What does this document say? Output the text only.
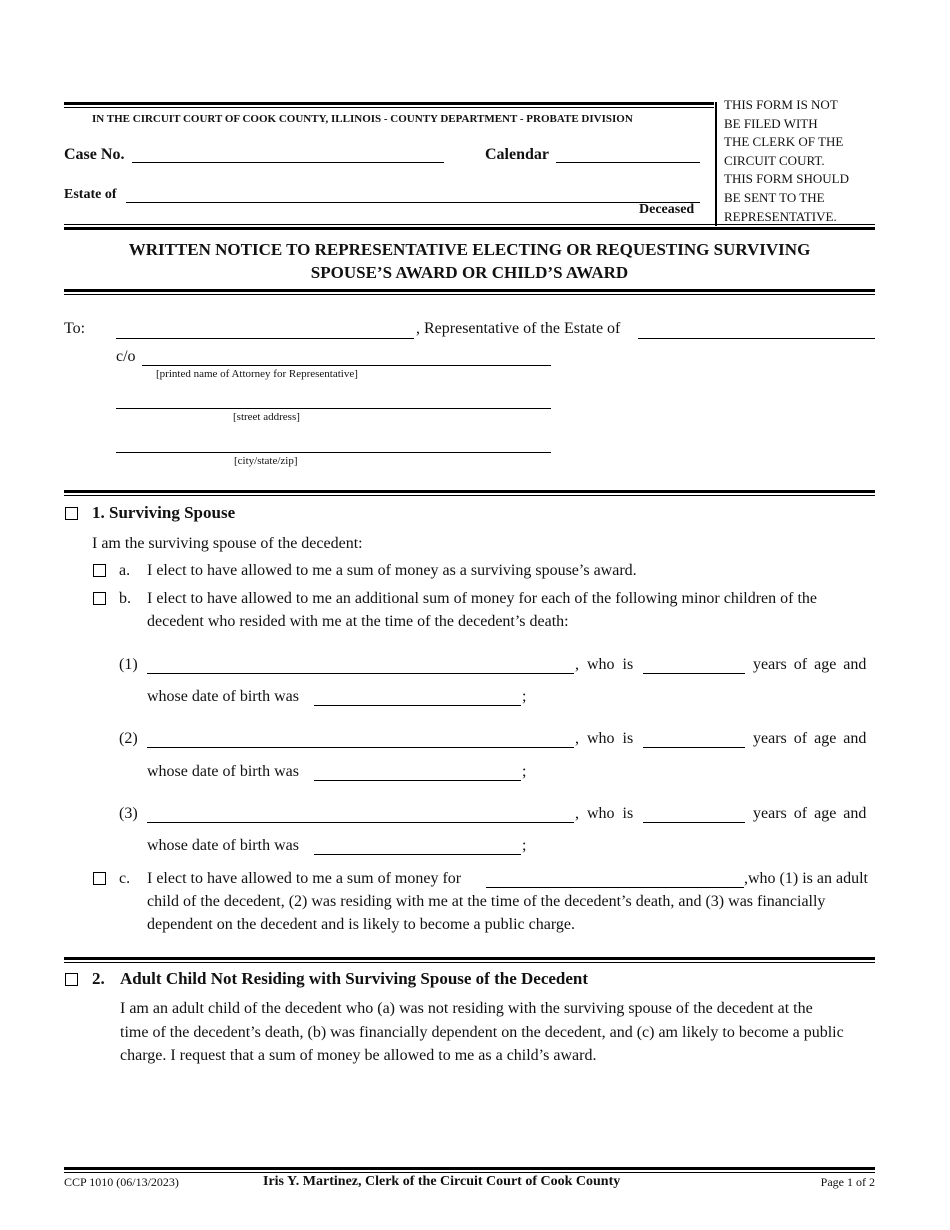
IN THE CIRCUIT COURT OF COOK COUNTY, ILLINOIS - COUNTY DEPARTMENT - PROBATE DIVISION
Case No.	Calendar
Estate of
Deceased
THIS FORM IS NOT
BE FILED WITH
THE CLERK OF THE
CIRCUIT COURT.
THIS FORM SHOULD
BE SENT TO THE
REPRESENTATIVE.
WRITTEN NOTICE TO REPRESENTATIVE ELECTING OR REQUESTING SURVIVING
SPOUSE’S AWARD OR CHILD’S AWARD
To:	, Representative of the Estate of
c/o
[printed name of Attorney for Representative]
[street address]
[city/state/zip]
1. Surviving Spouse
I am the surviving spouse of the decedent:
a. I elect to have allowed to me a sum of money as a surviving spouse’s award.
b. I elect to have allowed to me an additional sum of money for each of the following minor children of the
decedent who resided with me at the time of the decedent’s death:
(1)	, who is	years of age and
whose date of birth was	;
(2)	, who is	years of age and
whose date of birth was	;
(3)	, who is	years of age and
whose date of birth was	;
c. I elect to have allowed to me a sum of money for	,who (1) is an adult
child of the decedent, (2) was residing with me at the time of the decedent’s death, and (3) was financially
dependent on the decedent and is likely to become a public charge.
2. Adult Child Not Residing with Surviving Spouse of the Decedent
I am an adult child of the decedent who (a) was not residing with the surviving spouse of the decedent at the
time of the decedent’s death, (b) was financially dependent on the decedent, and (c) am likely to become a public
charge. I request that a sum of money be allowed to me as a child’s award.
CCP 1010 (06/13/2023)	Iris Y. Martinez, Clerk of the Circuit Court of Cook County	Page 1 of 2
